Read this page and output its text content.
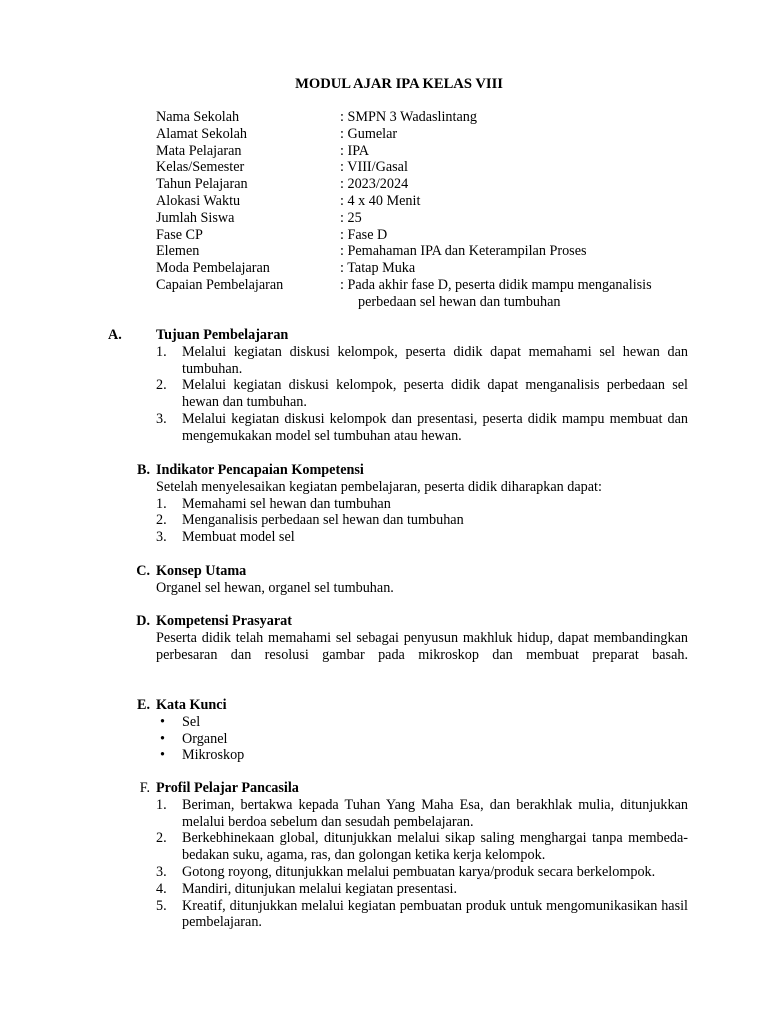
MODUL AJAR IPA KELAS VIII
Nama Sekolah	: SMPN 3 Wadaslintang
Alamat Sekolah	: Gumelar
Mata Pelajaran	: IPA
Kelas/Semester	: VIII/Gasal
Tahun Pelajaran	: 2023/2024
Alokasi Waktu	: 4 x 40 Menit
Jumlah Siswa	: 25
Fase CP	: Fase D
Elemen	: Pemahaman IPA dan Keterampilan Proses
Moda Pembelajaran	: Tatap Muka
Capaian Pembelajaran	: Pada akhir fase D, peserta didik mampu menganalisis
perbedaan sel hewan dan tumbuhan
A.	Tujuan Pembelajaran
1.	Melalui kegiatan diskusi kelompok, peserta didik dapat memahami sel hewan dan tumbuhan.
2.	Melalui kegiatan diskusi kelompok, peserta didik dapat menganalisis perbedaan sel hewan dan tumbuhan.
3.	Melalui kegiatan diskusi kelompok dan presentasi, peserta didik mampu membuat dan mengemukakan model sel tumbuhan atau hewan.
B. Indikator Pencapaian Kompetensi
Setelah menyelesaikan kegiatan pembelajaran, peserta didik diharapkan dapat:
1.	Memahami sel hewan dan tumbuhan
2.	Menganalisis perbedaan sel hewan dan tumbuhan
3.	Membuat model sel
C. Konsep Utama
Organel sel hewan, organel sel tumbuhan.
D. Kompetensi Prasyarat
Peserta didik telah memahami sel sebagai penyusun makhluk hidup, dapat membandingkan perbesaran dan resolusi gambar pada mikroskop dan membuat preparat basah.
E. Kata Kunci
•	Sel
•	Organel
•	Mikroskop
F. Profil Pelajar Pancasila
1.	Beriman, bertakwa kepada Tuhan Yang Maha Esa, dan berakhlak mulia, ditunjukkan melalui berdoa sebelum dan sesudah pembelajaran.
2.	Berkebhinekaan global, ditunjukkan melalui sikap saling menghargai tanpa membeda-bedakan suku, agama, ras, dan golongan ketika kerja kelompok.
3.	Gotong royong, ditunjukkan melalui pembuatan karya/produk secara berkelompok.
4.	Mandiri, ditunjukan melalui kegiatan presentasi.
5.	Kreatif, ditunjukkan melalui kegiatan pembuatan produk untuk mengomunikasikan hasil pembelajaran.
